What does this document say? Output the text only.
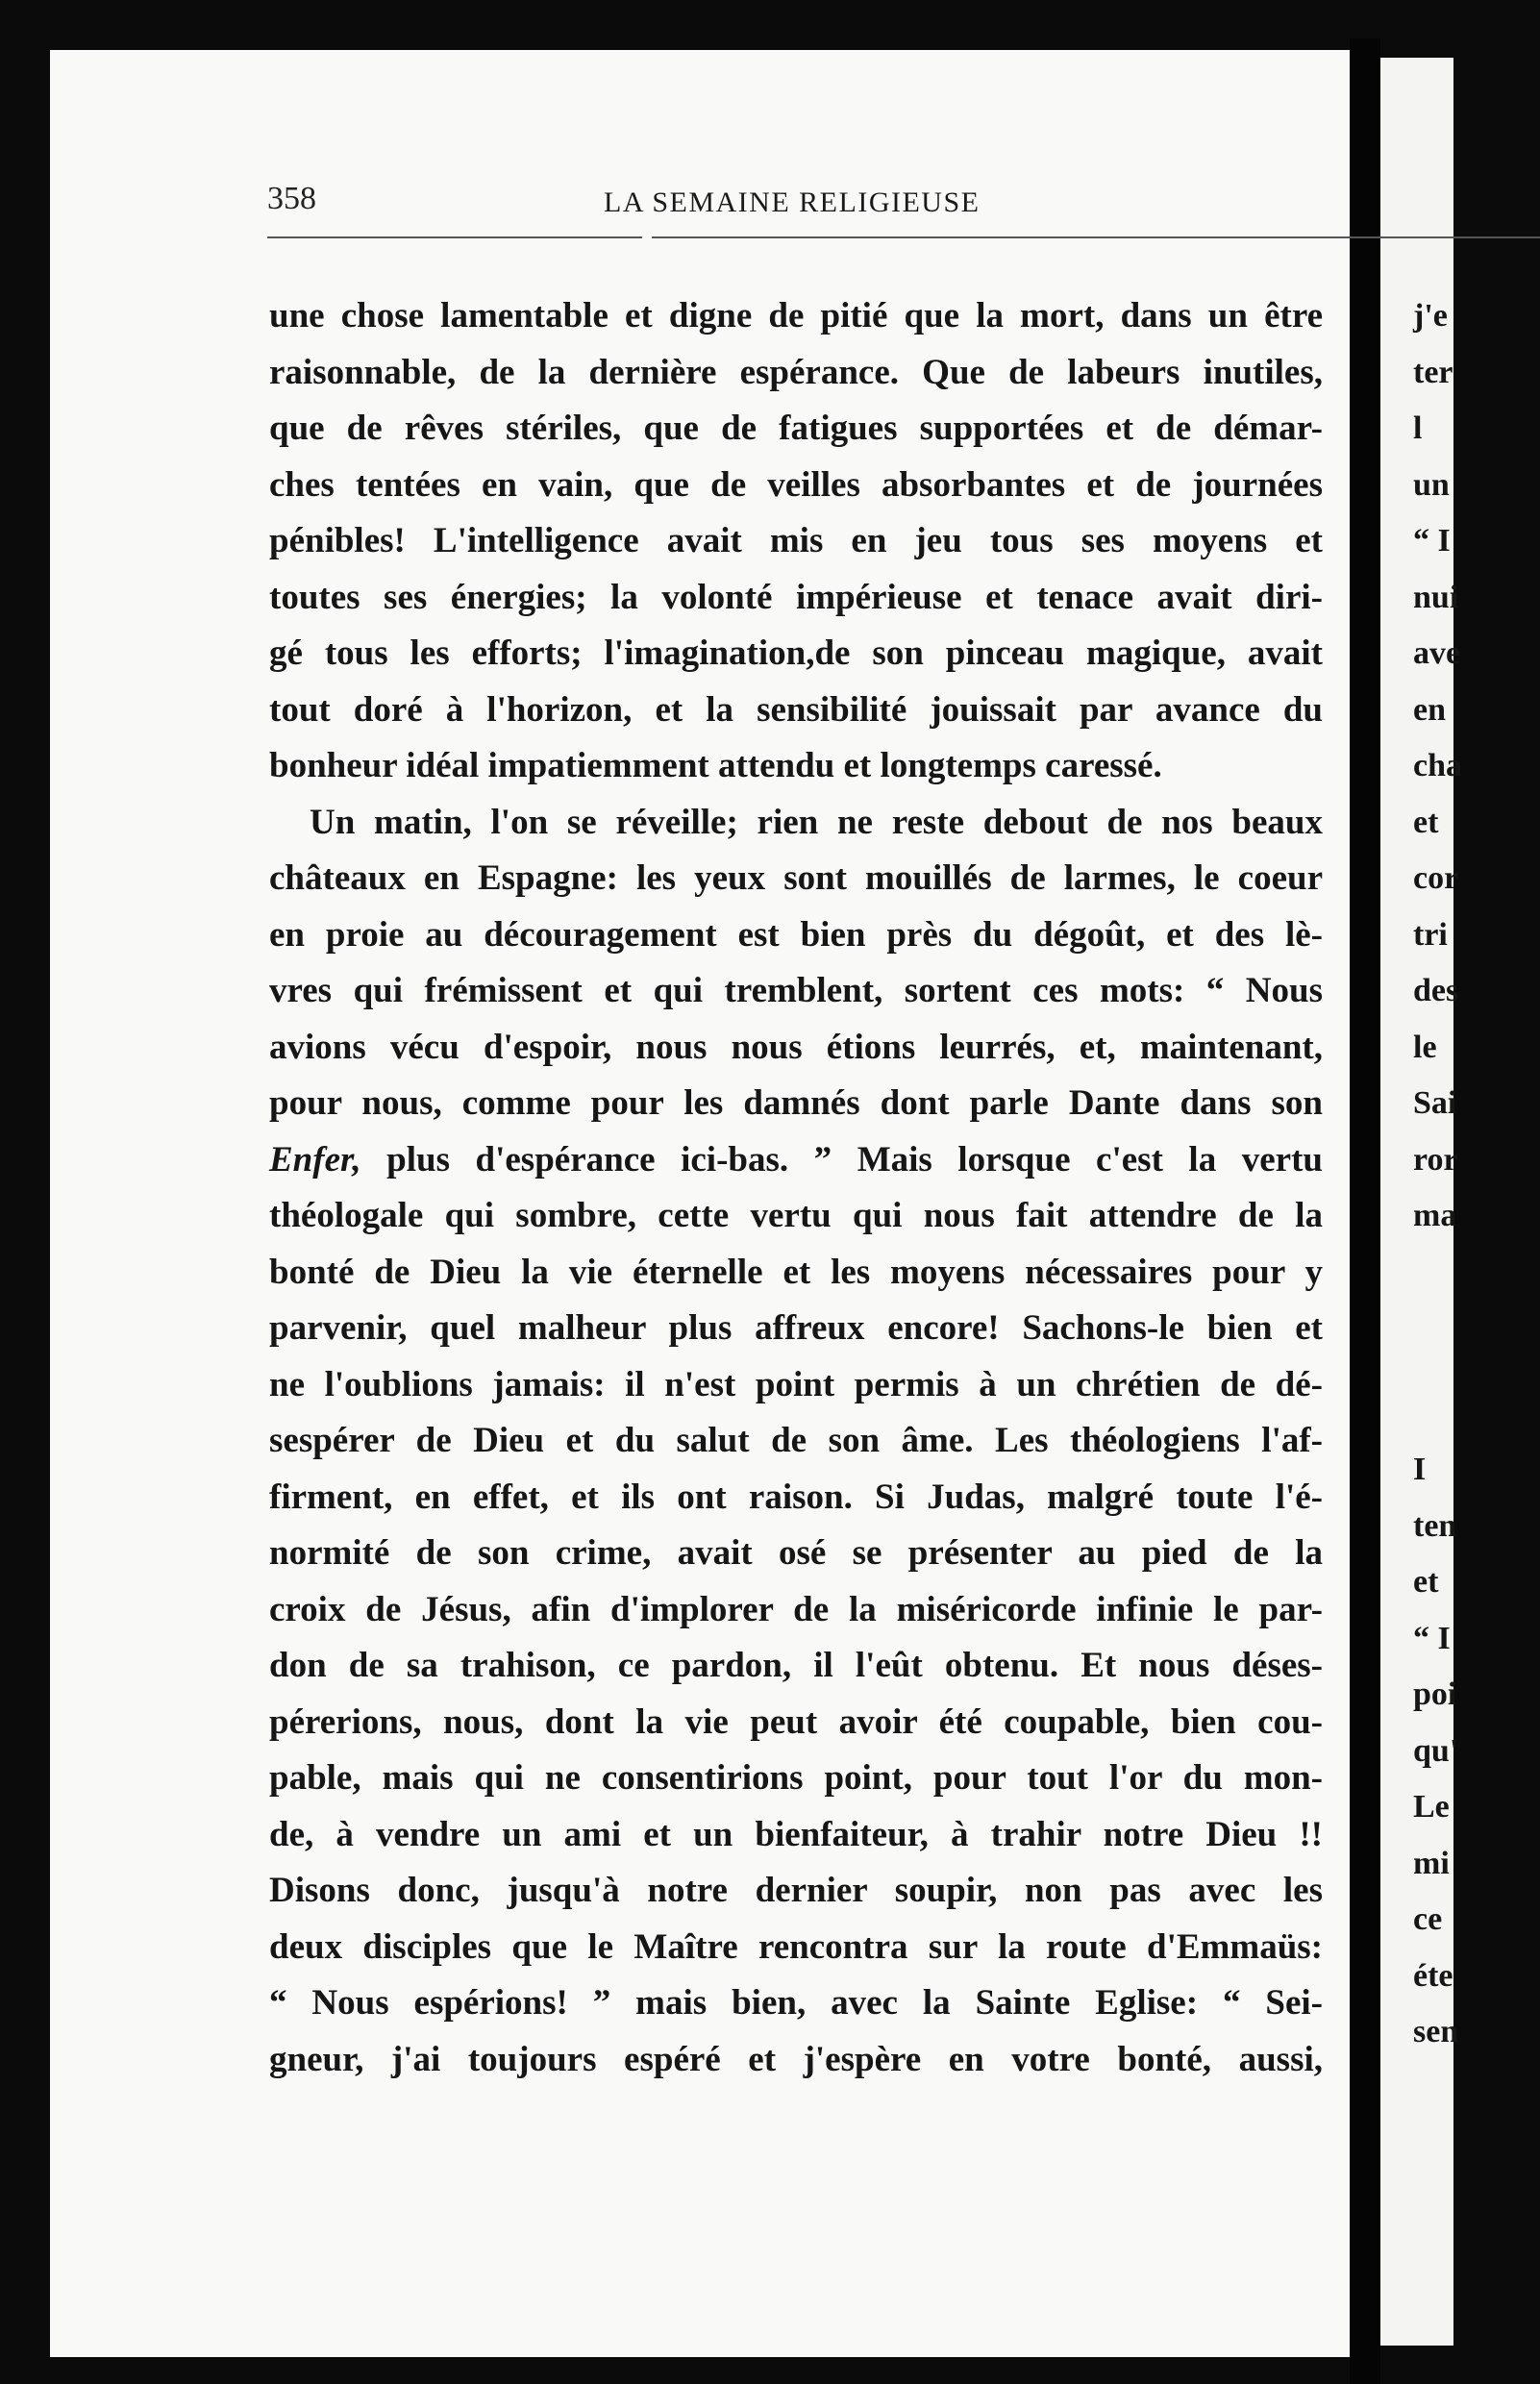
358	LA SEMAINE RELIGIEUSE
une chose lamentable et digne de pitié que la mort, dans un être
raisonnable, de la dernière espérance. Que de labeurs inutiles,
que de rêves stériles, que de fatigues supportées et de démar-
ches tentées en vain, que de veilles absorbantes et de journées
pénibles! L'intelligence avait mis en jeu tous ses moyens et
toutes ses énergies; la volonté impérieuse et tenace avait diri-
gé tous les efforts; l'imagination,de son pinceau magique, avait
tout doré à l'horizon, et la sensibilité jouissait par avance du
bonheur idéal impatiemment attendu et longtemps caressé.
Un matin, l'on se réveille; rien ne reste debout de nos beaux
châteaux en Espagne: les yeux sont mouillés de larmes, le coeur
en proie au découragement est bien près du dégoût, et des lè-
vres qui frémissent et qui tremblent, sortent ces mots: “ Nous
avions vécu d'espoir, nous nous étions leurrés, et, maintenant,
pour nous, comme pour les damnés dont parle Dante dans son
Enfer, plus d'espérance ici-bas. ” Mais lorsque c'est la vertu
théologale qui sombre, cette vertu qui nous fait attendre de la
bonté de Dieu la vie éternelle et les moyens nécessaires pour y
parvenir, quel malheur plus affreux encore! Sachons-le bien et
ne l'oublions jamais: il n'est point permis à un chrétien de dé-
sespérer de Dieu et du salut de son âme. Les théologiens l'af-
firment, en effet, et ils ont raison. Si Judas, malgré toute l'é-
normité de son crime, avait osé se présenter au pied de la
croix de Jésus, afin d'implorer de la miséricorde infinie le par-
don de sa trahison, ce pardon, il l'eût obtenu. Et nous déses-
pérerions, nous, dont la vie peut avoir été coupable, bien cou-
pable, mais qui ne consentirions point, pour tout l'or du mon-
de, à vendre un ami et un bienfaiteur, à trahir notre Dieu !!
Disons donc, jusqu'à notre dernier soupir, non pas avec les
deux disciples que le Maître rencontra sur la route d'Emmaüs:
“ Nous espérions! ” mais bien, avec la Sainte Eglise: “ Sei-
gneur, j'ai toujours espéré et j'espère en votre bonté, aussi,
j'e
ter
l
un
“ I
nui
ave
en
cha
et
cor
tri
des
le
Sai
ror
ma
I
ten
et
“ I
poi
qu'
Le
mi
ce
éte
sen
